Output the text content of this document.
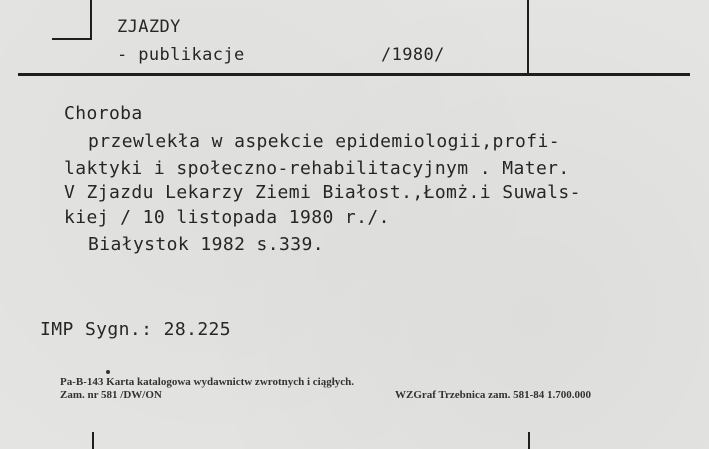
ZJAZDY
- publikacje	/1980/
Choroba
przewlekła w aspekcie epidemiologii,profi-
laktyki i społeczno-rehabilitacyjnym . Mater.
V Zjazdu Lekarzy Ziemi Białost.,Łomż.i Suwals-
kiej / 10 listopada 1980 r./.
Białystok 1982 s.339.
IMP Sygn.: 28.225
Pa-B-143 Karta katalogowa wydawnictw zwrotnych i ciągłych.
Zam. nr 581 /DW/ON	WZGraf Trzebnica zam. 581-84 1.700.000
